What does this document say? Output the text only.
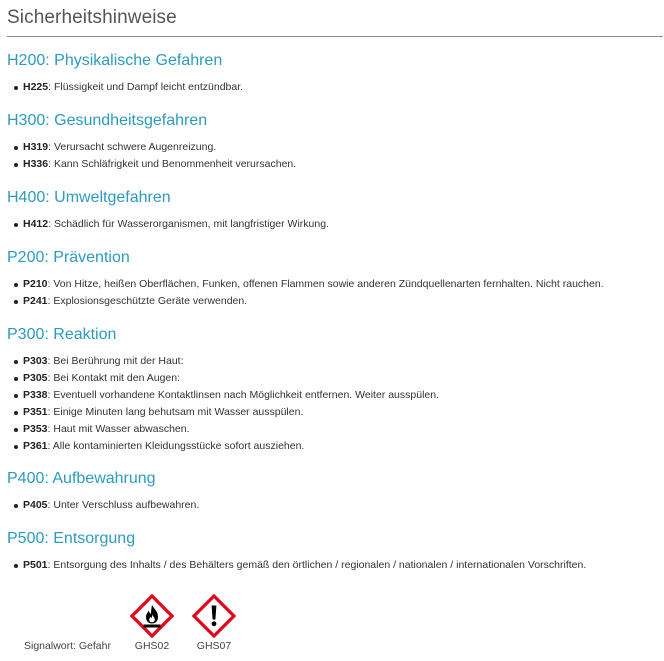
Sicherheitshinweise
H200: Physikalische Gefahren
H225: Flüssigkeit und Dampf leicht entzündbar.
H300: Gesundheitsgefahren
H319: Verursacht schwere Augenreizung.
H336: Kann Schläfrigkeit und Benommenheit verursachen.
H400: Umweltgefahren
H412: Schädlich für Wasserorganismen, mit langfristiger Wirkung.
P200: Prävention
P210: Von Hitze, heißen Oberflächen, Funken, offenen Flammen sowie anderen Zündquellenarten fernhalten. Nicht rauchen.
P241: Explosionsgeschützte Geräte verwenden.
P300: Reaktion
P303: Bei Berührung mit der Haut:
P305: Bei Kontakt mit den Augen:
P338: Eventuell vorhandene Kontaktlinsen nach Möglichkeit entfernen. Weiter ausspülen.
P351: Einige Minuten lang behutsam mit Wasser ausspülen.
P353: Haut mit Wasser abwaschen.
P361: Alle kontaminierten Kleidungsstücke sofort ausziehen.
P400: Aufbewahrung
P405: Unter Verschluss aufbewahren.
P500: Entsorgung
P501: Entsorgung des Inhalts / des Behälters gemäß den örtlichen / regionalen / nationalen / internationalen Vorschriften.
Signalwort: Gefahr	GHS02	GHS07
